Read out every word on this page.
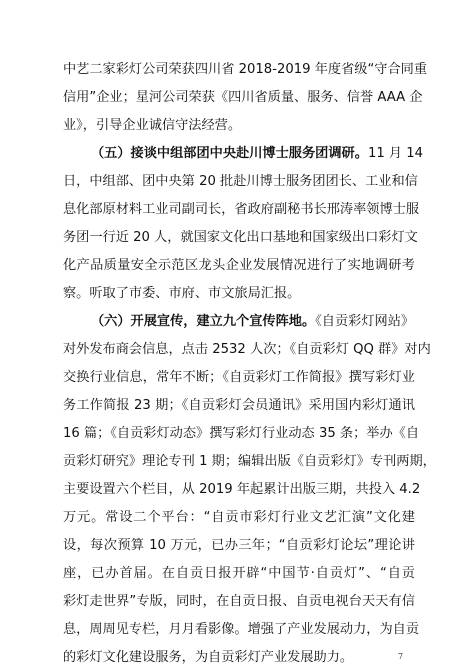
中艺二家彩灯公司荣获四川省 2018-2019 年度省级“守合同重
信用”企业；星河公司荣获《四川省质量、服务、信誉 AAA 企
业》，引导企业诚信守法经营。
（五）接谈中组部团中央赴川博士服务团调研。11 月 14
日，中组部、团中央第 20 批赴川博士服务团团长、工业和信
息化部原材料工业司副司长，省政府副秘书长邢涛率领博士服
务团一行近 20 人，就国家文化出口基地和国家级出口彩灯文
化产品质量安全示范区龙头企业发展情况进行了实地调研考
察。听取了市委、市府、市文旅局汇报。
（六）开展宣传，建立九个宣传阵地。《自贡彩灯网站》
对外发布商会信息，点击 2532 人次；《自贡彩灯 QQ 群》对内
交换行业信息，常年不断；《自贡彩灯工作简报》撰写彩灯业
务工作简报 23 期；《自贡彩灯会员通讯》采用国内彩灯通讯
16 篇；《自贡彩灯动态》撰写彩灯行业动态 35 条；举办《自
贡彩灯研究》理论专刊 1 期；编辑出版《自贡彩灯》专刊两期，
主要设置六个栏目，从 2019 年起累计出版三期，共投入 4.2
万元。常设二个平台：“自贡市彩灯行业文艺汇演”文化建
设，每次预算 10 万元，已办三年；“自贡彩灯论坛”理论讲
座，已办首届。在自贡日报开辟“中国节·自贡灯”、“自贡
彩灯走世界”专版，同时，在自贡日报、自贡电视台天天有信
息，周周见专栏，月月看影像。增强了产业发展动力，为自贡
的彩灯文化建设服务，为自贡彩灯产业发展助力。	7
